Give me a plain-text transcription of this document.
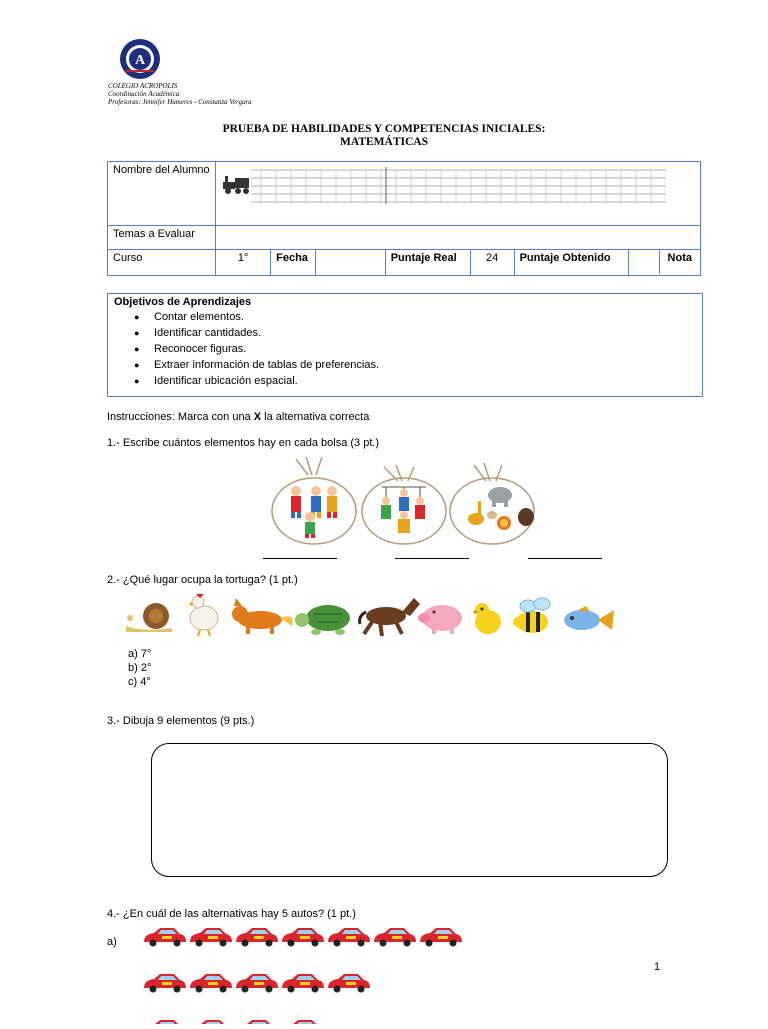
A
COLEGIO ACROPOLIS
Coordinación Académica
Profesoras: Jennifer Humeres - Constanza Vergara
PRUEBA DE HABILIDADES Y COMPETENCIAS INICIALES:
MATEMÁTICAS
Nombre del Alumno	
Temas a Evaluar							
Curso	1°	Fecha		Puntaje Real	24	Puntaje Obtenido	Nota
Objetivos de Aprendizajes
● Contar elementos.
● Identificar cantidades.
● Reconocer figuras.
● Extraer información de tablas de preferencias.
● Identificar ubicación espacial.
Instrucciones: Marca con una X la alternativa correcta
1.- Escribe cuántos elementos hay en cada bolsa (3 pt.)
2.- ¿Qué lugar ocupa la tortuga? (1 pt.)
a) 7°
b) 2°
c) 4°
3.- Dibuja 9 elementos (9 pts.)
4.- ¿En cuál de las alternativas hay 5 autos? (1 pt.)
a)
1
